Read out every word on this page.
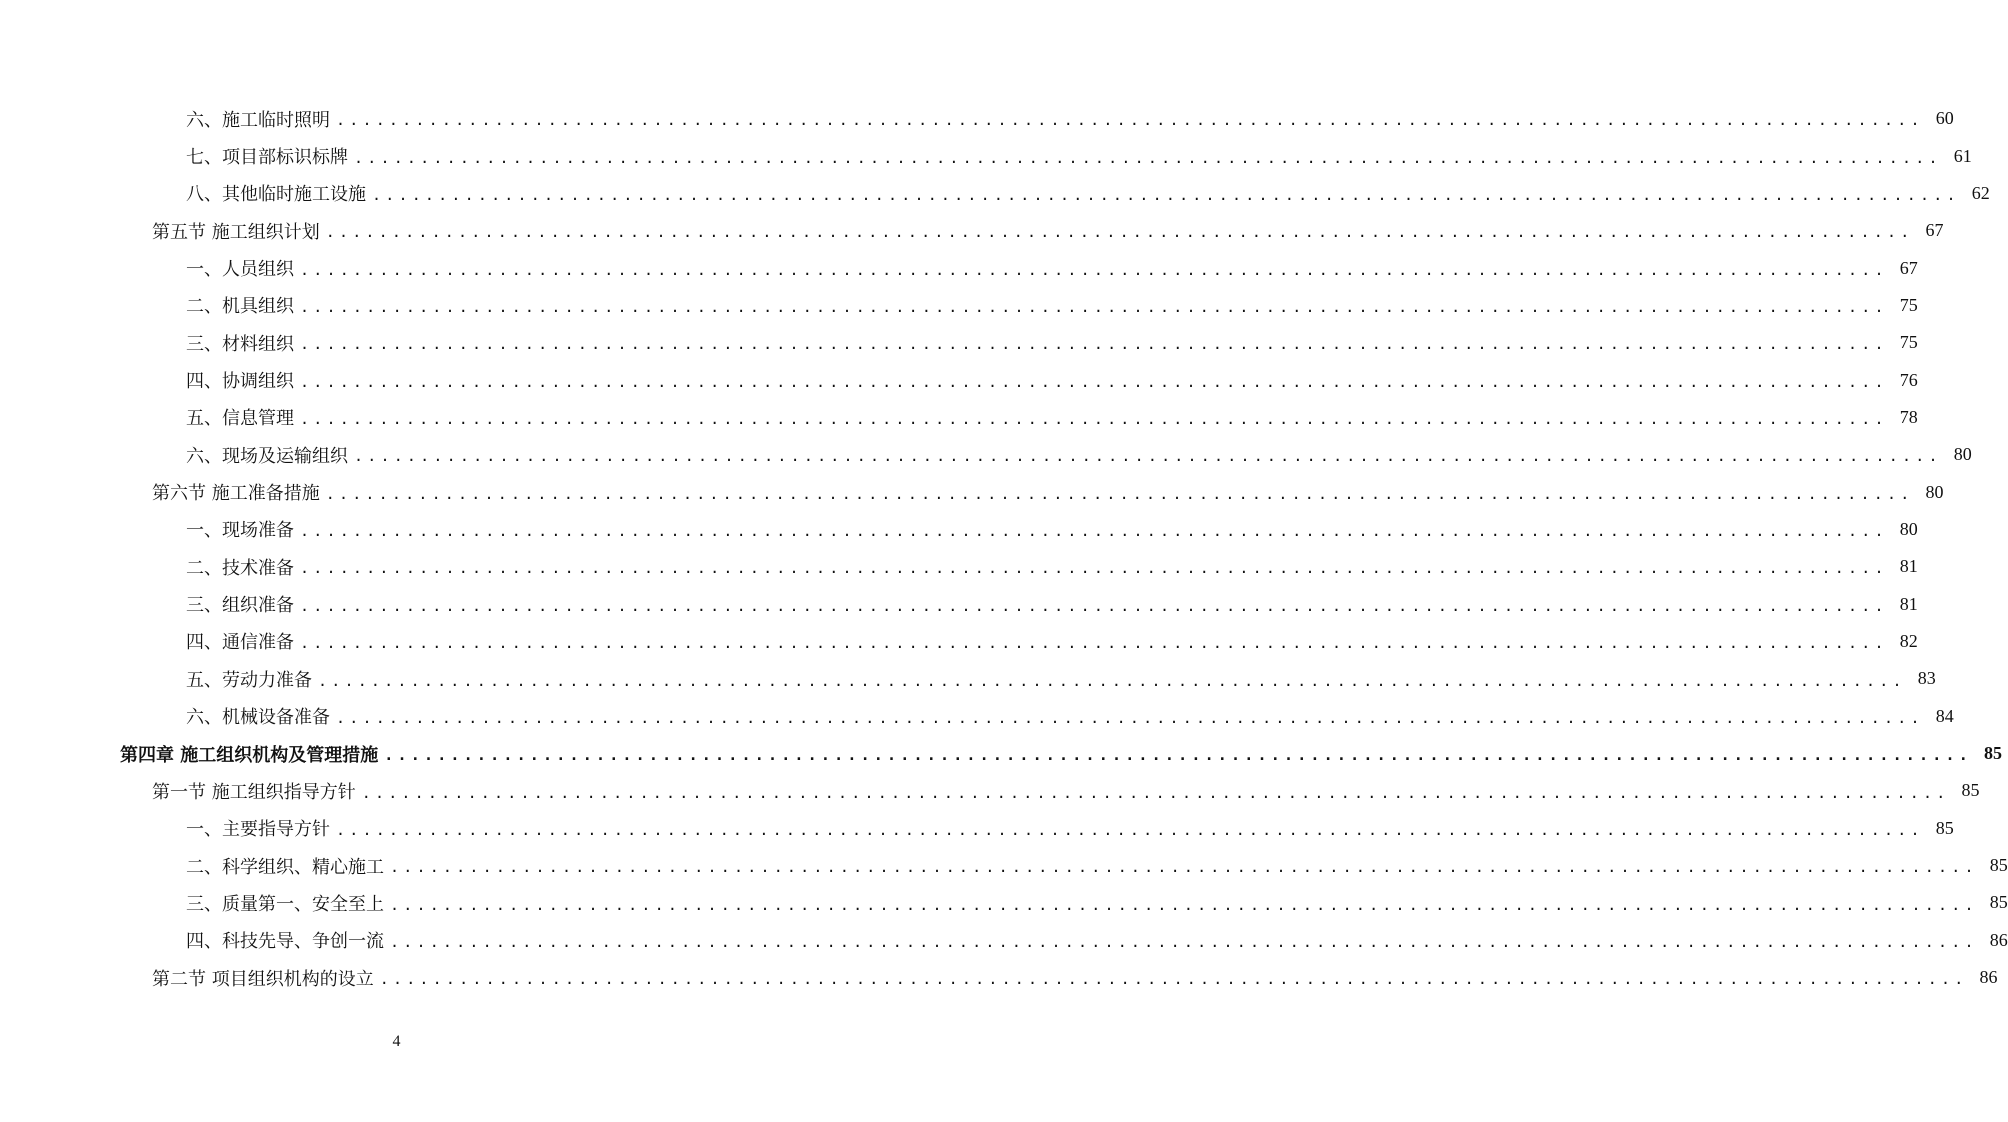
六、施工临时照明 ........................................................................................................................ 60
七、项目部标识标牌 ........................................................................................................................ 61
八、其他临时施工设施 ........................................................................................................................ 62
第五节 施工组织计划 ........................................................................................................................ 67
一、人员组织 ........................................................................................................................ 67
二、机具组织 ........................................................................................................................ 75
三、材料组织 ........................................................................................................................ 75
四、协调组织 ........................................................................................................................ 76
五、信息管理 ........................................................................................................................ 78
六、现场及运输组织 ........................................................................................................................ 80
第六节 施工准备措施 ........................................................................................................................ 80
一、现场准备 ........................................................................................................................ 80
二、技术准备 ........................................................................................................................ 81
三、组织准备 ........................................................................................................................ 81
四、通信准备 ........................................................................................................................ 82
五、劳动力准备 ........................................................................................................................ 83
六、机械设备准备 ........................................................................................................................ 84
第四章 施工组织机构及管理措施 ........................................................................................................................ 85
第一节 施工组织指导方针 ........................................................................................................................ 85
一、主要指导方针 ........................................................................................................................ 85
二、科学组织、精心施工 ........................................................................................................................ 85
三、质量第一、安全至上 ........................................................................................................................ 85
四、科技先导、争创一流 ........................................................................................................................ 86
第二节 项目组织机构的设立 ........................................................................................................................ 86
4
